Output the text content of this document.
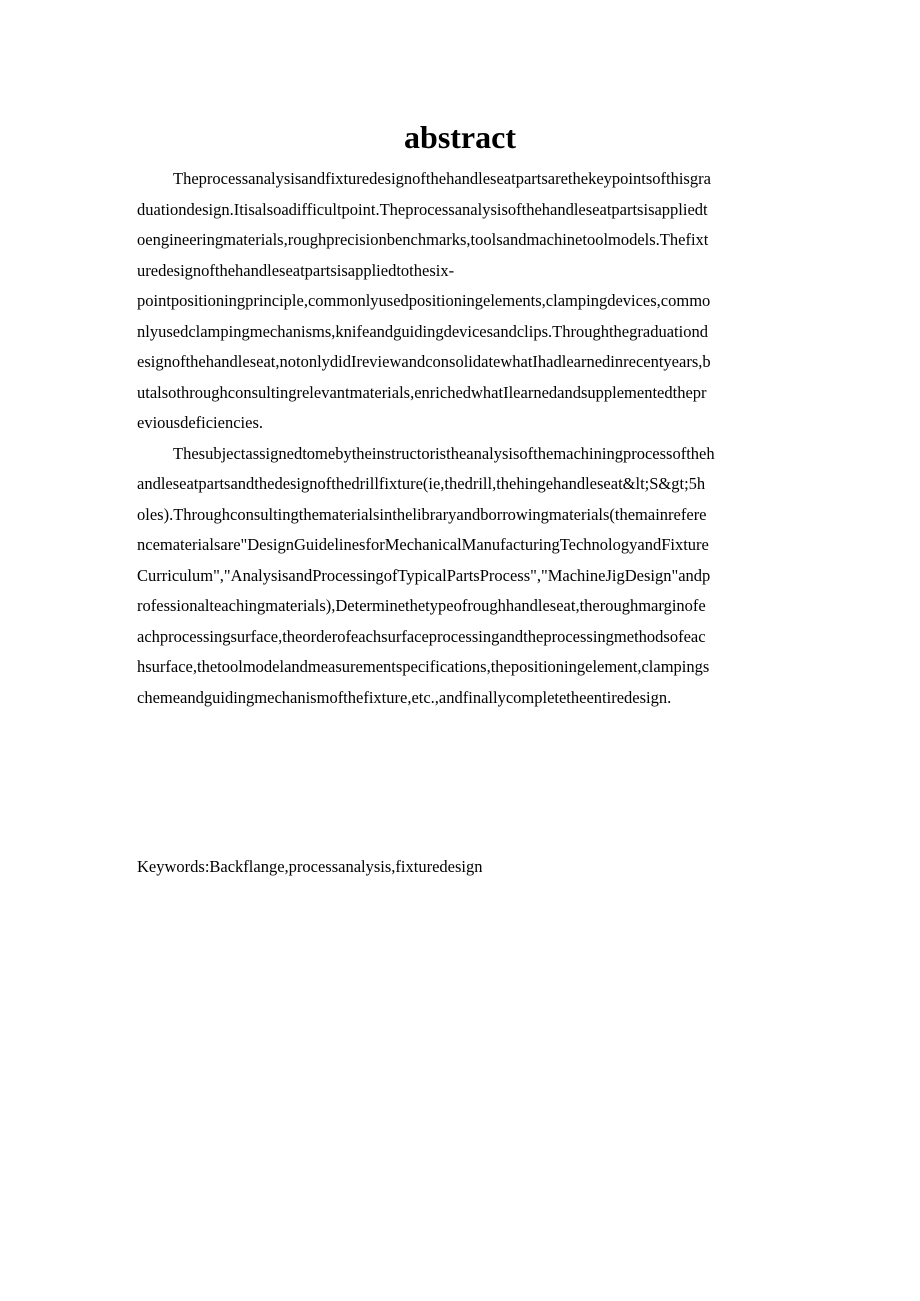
abstract
Theprocessanalysisandfixturedesignofthehandleseatpartsarethekeypointsofthisgra
duationdesign.Itisalsoadifficultpoint.Theprocessanalysisofthehandleseatpartsisappliedt
oengineeringmaterials,roughprecisionbenchmarks,toolsandmachinetoolmodels.Thefixt
uredesignofthehandleseatpartsisappliedtothesix-
pointpositioningprinciple,commonlyusedpositioningelements,clampingdevices,commo
nlyusedclampingmechanisms,knifeandguidingdevicesandclips.Throughthegraduationd
esignofthehandleseat,notonlydidIreviewandconsolidatewhatIhadlearnedinrecentyears,b
utalsothroughconsultingrelevantmaterials,enrichedwhatIlearnedandsupplementedthepr
eviousdeficiencies.
Thesubjectassignedtomebytheinstructoristheanalysisofthemachiningprocessoftheh
andleseatpartsandthedesignofthedrillfixture(ie,thedrill,thehingehandleseat&lt;S&gt;5h
oles).Throughconsultingthematerialsinthelibraryandborrowingmaterials(themainrefere
ncematerialsare"DesignGuidelinesforMechanicalManufacturingTechnologyandFixture
Curriculum","AnalysisandProcessingofTypicalPartsProcess","MachineJigDesign"andp
rofessionalteachingmaterials),Determinethetypeofroughhandleseat,theroughmarginofe
achprocessingsurface,theorderofeachsurfaceprocessingandtheprocessingmethodsofeac
hsurface,thetoolmodelandmeasurementspecifications,thepositioningelement,clampings
chemeandguidingmechanismofthefixture,etc.,andfinallycompletetheentiredesign.
Keywords:Backflange,processanalysis,fixturedesign
